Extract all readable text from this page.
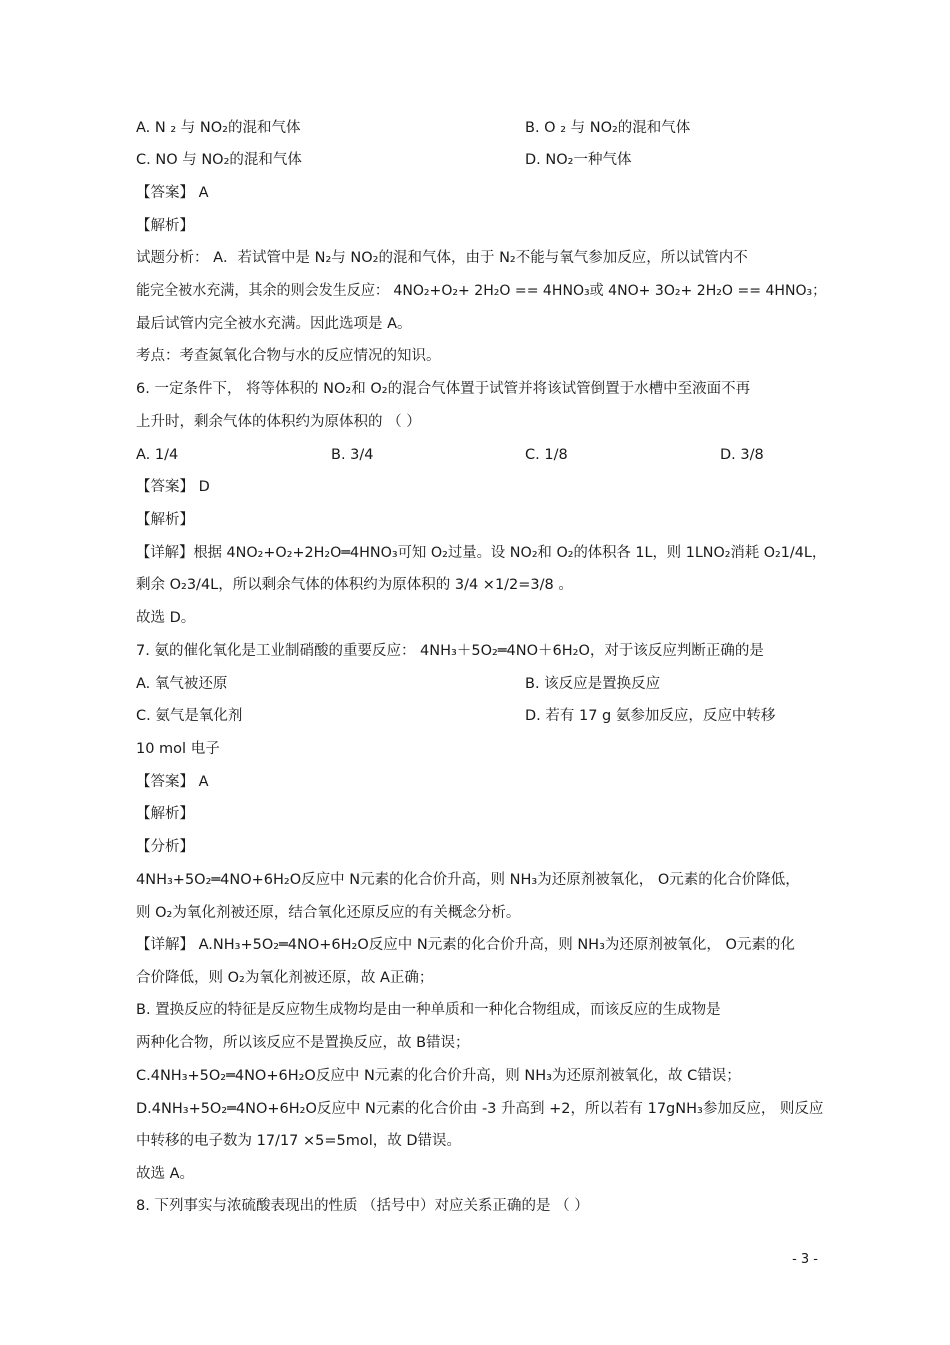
A. N ₂ 与 NO₂的混和气体	B. O ₂ 与 NO₂的混和气体
C. NO 与 NO₂的混和气体	D. NO₂一种气体
【答案】 A
【解析】
试题分析： A．若试管中是 N₂与 NO₂的混和气体，由于 N₂不能与氧气参加反应，所以试管内不
能完全被水充满，其余的则会发生反应： 4NO₂+O₂+ 2H₂O == 4HNO₃或 4NO+ 3O₂+ 2H₂O == 4HNO₃；
最后试管内完全被水充满。因此选项是 A。
考点：考查氮氧化合物与水的反应情况的知识。
6. 一定条件下， 将等体积的 NO₂和 O₂的混合气体置于试管并将该试管倒置于水槽中至液面不再
上升时，剩余气体的体积约为原体积的 （ ）
A. 1/4	B. 3/4	C. 1/8	D. 3/8
【答案】 D
【解析】
【详解】根据 4NO₂+O₂+2H₂O═4HNO₃可知 O₂过量。设 NO₂和 O₂的体积各 1L，则 1LNO₂消耗 O₂1/4L，
剩余 O₂3/4L，所以剩余气体的体积约为原体积的 3/4 ×1/2=3/8 。
故选 D。
7. 氨的催化氧化是工业制硝酸的重要反应： 4NH₃＋5O₂═4NO＋6H₂O，对于该反应判断正确的是
A. 氧气被还原	B. 该反应是置换反应
C. 氨气是氧化剂	D. 若有 17 g 氨参加反应，反应中转移
10 mol 电子
【答案】 A
【解析】
【分析】
4NH₃+5O₂═4NO+6H₂O反应中 N元素的化合价升高，则 NH₃为还原剂被氧化， O元素的化合价降低，
则 O₂为氧化剂被还原，结合氧化还原反应的有关概念分析。
【详解】 A.NH₃+5O₂═4NO+6H₂O反应中 N元素的化合价升高，则 NH₃为还原剂被氧化， O元素的化
合价降低，则 O₂为氧化剂被还原，故 A正确；
B. 置换反应的特征是反应物生成物均是由一种单质和一种化合物组成，而该反应的生成物是
两种化合物，所以该反应不是置换反应，故 B错误；
C.4NH₃+5O₂═4NO+6H₂O反应中 N元素的化合价升高，则 NH₃为还原剂被氧化，故 C错误；
D.4NH₃+5O₂═4NO+6H₂O反应中 N元素的化合价由 -3 升高到 +2，所以若有 17gNH₃参加反应， 则反应
中转移的电子数为 17/17 ×5=5mol，故 D错误。
故选 A。
8. 下列事实与浓硫酸表现出的性质 （括号中）对应关系正确的是 （ ）
- 3 -
